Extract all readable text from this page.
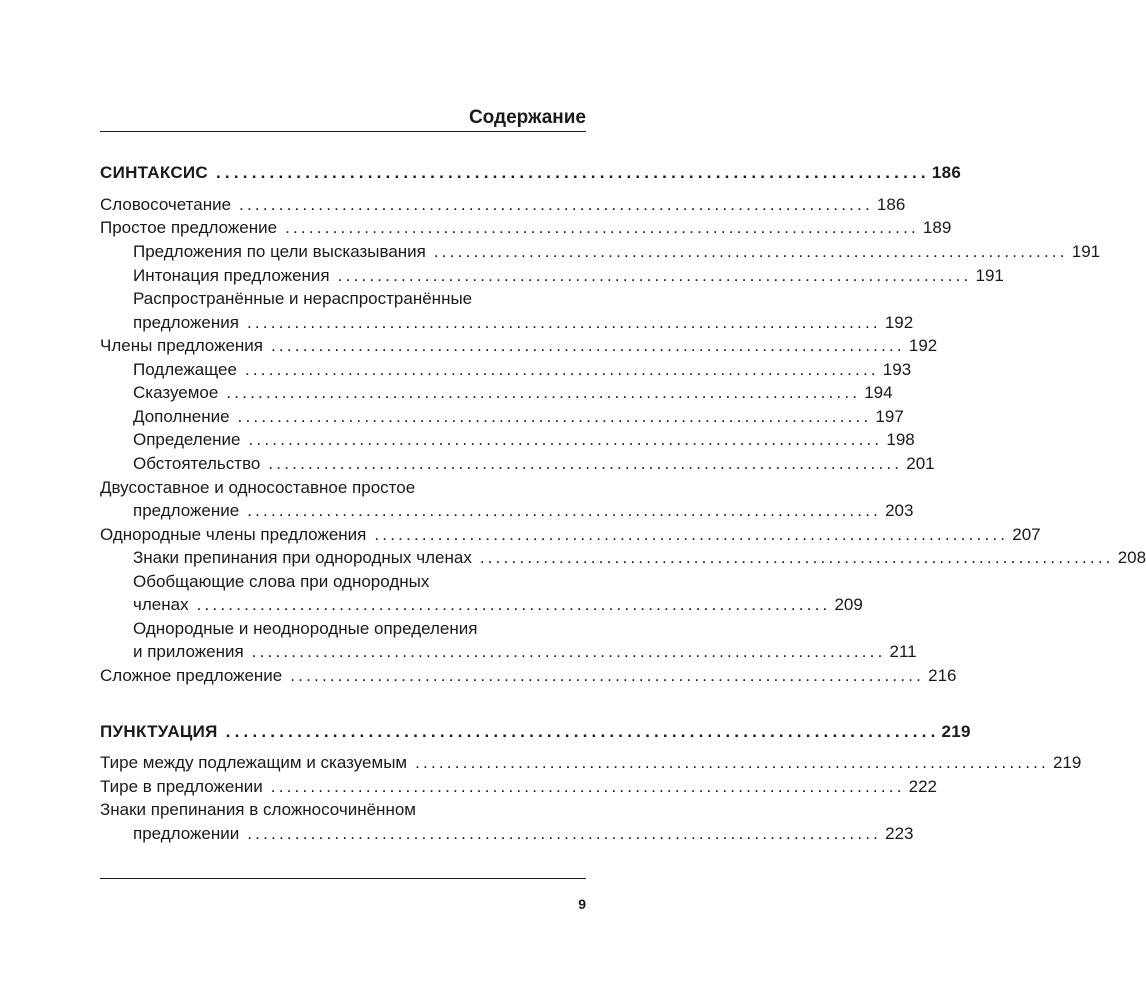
Содержание
СИНТАКСИС ................................................................................ 186
Словосочетание ................................................................................ 186
Простое предложение ................................................................................ 189
Предложения по цели высказывания ................................................................................ 191
Интонация предложения ................................................................................ 191
Распространённые и нераспространённые
предложения ................................................................................ 192
Члены предложения ................................................................................ 192
Подлежащее ................................................................................ 193
Сказуемое ................................................................................ 194
Дополнение ................................................................................ 197
Определение ................................................................................ 198
Обстоятельство ................................................................................ 201
Двусоставное и односоставное простое
предложение ................................................................................ 203
Однородные члены предложения ................................................................................ 207
Знаки препинания при однородных членах ................................................................................ 208
Обобщающие слова при однородных
членах ................................................................................ 209
Однородные и неоднородные определения
и приложения ................................................................................ 211
Сложное предложение ................................................................................ 216
ПУНКТУАЦИЯ ................................................................................ 219
Тире между подлежащим и сказуемым ................................................................................ 219
Тире в предложении ................................................................................ 222
Знаки препинания в сложносочинённом
предложении ................................................................................ 223
9
